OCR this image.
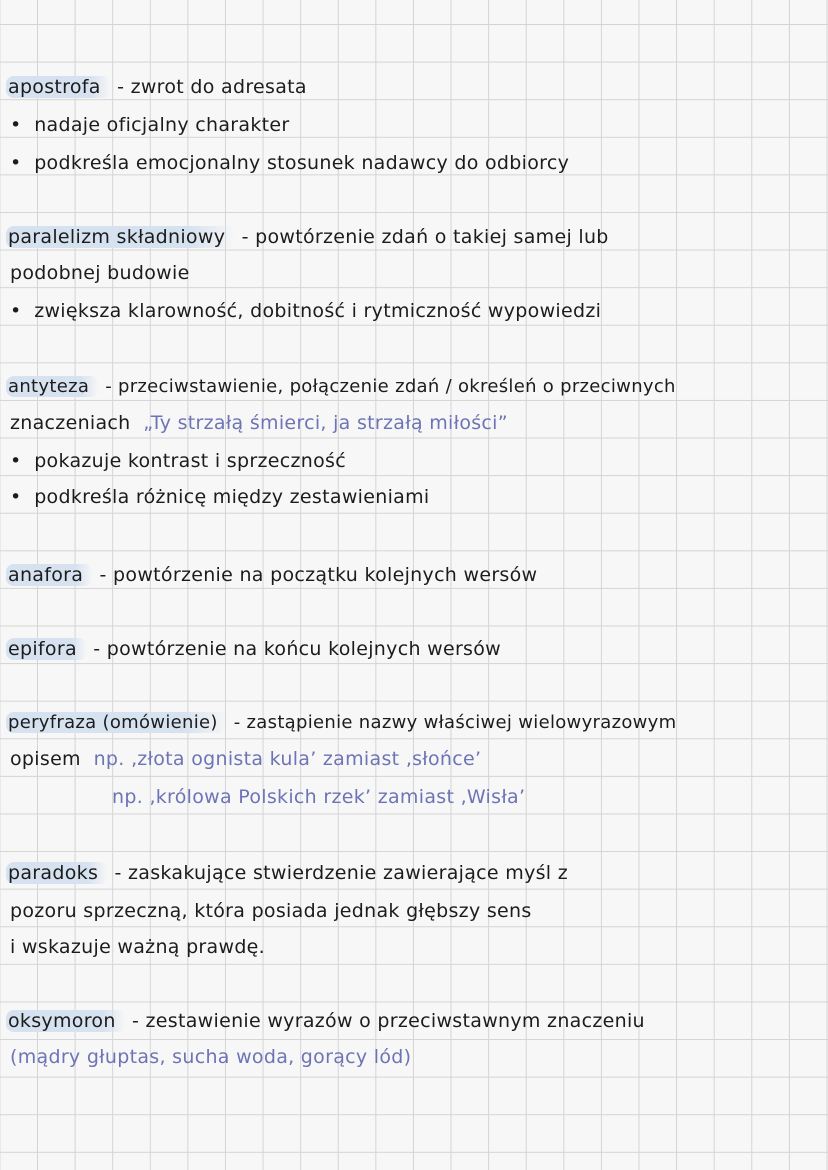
apostrofa - zwrot do adresata
•  nadaje oficjalny charakter
•  podkreśla emocjonalny stosunek nadawcy do odbiorcy
paralelizm składniowy - powtórzenie zdań o takiej samej lub
podobnej budowie
•  zwiększa klarowność, dobitność i rytmiczność wypowiedzi
antyteza - przeciwstawienie, połączenie zdań / określeń o przeciwnych
znaczeniach „Ty strzałą śmierci, ja strzałą miłości”
•  pokazuje kontrast i sprzeczność
•  podkreśla różnicę między zestawieniami
anafora - powtórzenie na początku kolejnych wersów
epifora - powtórzenie na końcu kolejnych wersów
peryfraza (omówienie) - zastąpienie nazwy właściwej wielowyrazowym
opisem np. ‚złota ognista kula’ zamiast ‚słońce’
np. ‚królowa Polskich rzek’ zamiast ‚Wisła’
paradoks - zaskakujące stwierdzenie zawierające myśl z
pozoru sprzeczną, która posiada jednak głębszy sens
i wskazuje ważną prawdę.
oksymoron - zestawienie wyrazów o przeciwstawnym znaczeniu
(mądry głuptas, sucha woda, gorący lód)
